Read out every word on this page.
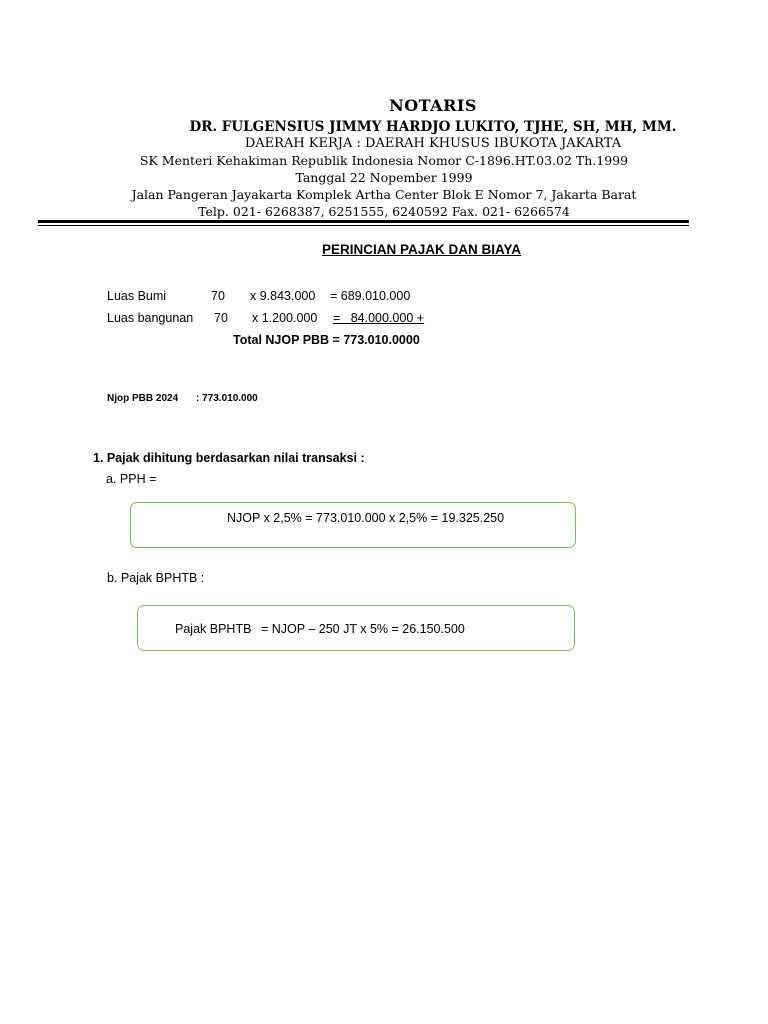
NOTARIS
DR. FULGENSIUS JIMMY HARDJO LUKITO, TJHE, SH, MH, MM.
DAERAH KERJA : DAERAH KHUSUS IBUKOTA JAKARTA
SK Menteri Kehakiman Republik Indonesia Nomor C-1896.HT.03.02 Th.1999
Tanggal 22 Nopember 1999
Jalan Pangeran Jayakarta Komplek Artha Center Blok E Nomor 7, Jakarta Barat
Telp. 021- 6268387, 6251555, 6240592 Fax. 021- 6266574
PERINCIAN PAJAK DAN BIAYA
Luas Bumi	70 x 9.843.000 = 689.010.000
Luas bangunan 70 x 1.200.000 =   84.000.000 +
Total NJOP PBB = 773.010.0000
Njop PBB 2024 : 773.010.000
1. Pajak dihitung berdasarkan nilai transaksi :
a. PPH =
NJOP x 2,5% = 773.010.000 x 2,5% = 19.325.250
b. Pajak BPHTB :
Pajak BPHTB = NJOP – 250 JT x 5% = 26.150.500
